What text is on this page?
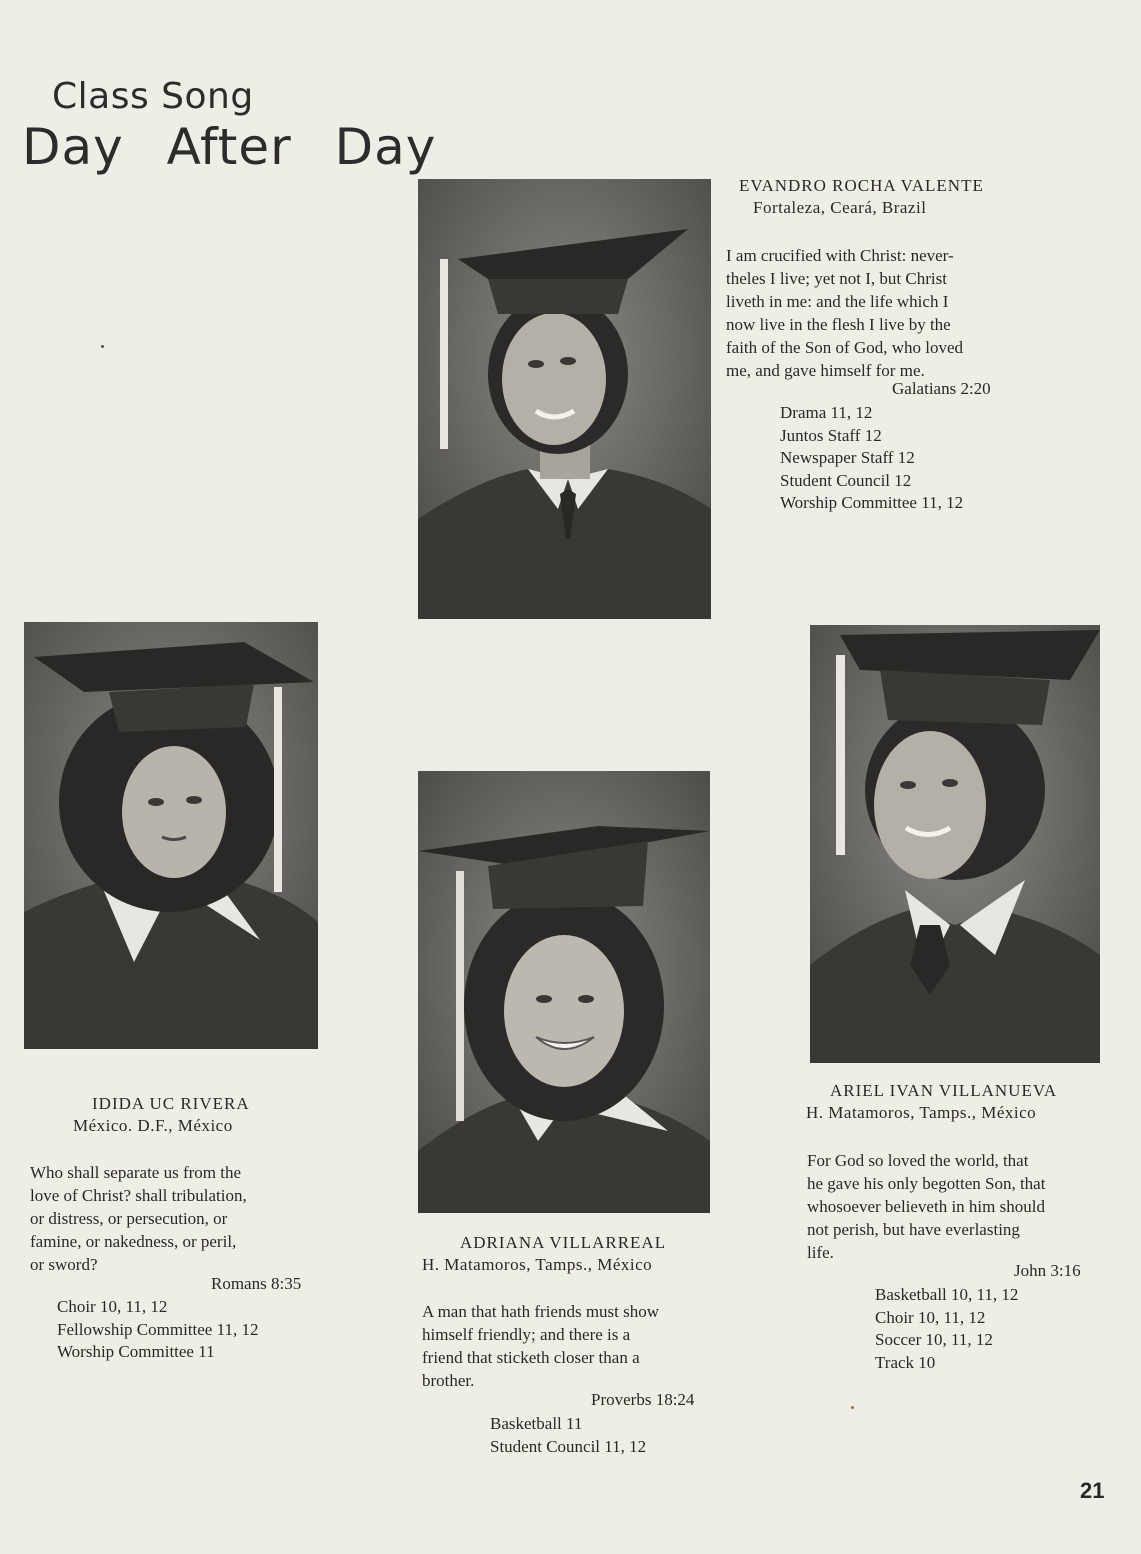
Class Song
Day After Day
EVANDRO ROCHA VALENTE
Fortaleza, Ceará, Brazil
I am crucified with Christ: never-
theles I live; yet not I, but Christ
liveth in me: and the life which I
now live in the flesh I live by the
faith of the Son of God, who loved
me, and gave himself for me.
Galatians 2:20
Drama 11, 12
Juntos Staff 12
Newspaper Staff 12
Student Council 12
Worship Committee 11, 12
IDIDA UC RIVERA
México. D.F., México
Who shall separate us from the
love of Christ? shall tribulation,
or distress, or persecution, or
famine, or nakedness, or peril,
or sword?
Romans 8:35
Choir 10, 11, 12
Fellowship Committee 11, 12
Worship Committee 11
ADRIANA VILLARREAL
H. Matamoros, Tamps., México
A man that hath friends must show
himself friendly; and there is a
friend that sticketh closer than a
brother.
Proverbs 18:24
Basketball 11
Student Council 11, 12
ARIEL IVAN VILLANUEVA
H. Matamoros, Tamps., México
For God so loved the world, that
he gave his only begotten Son, that
whosoever believeth in him should
not perish, but have everlasting
life.
John 3:16
Basketball 10, 11, 12
Choir 10, 11, 12
Soccer 10, 11, 12
Track 10
21
